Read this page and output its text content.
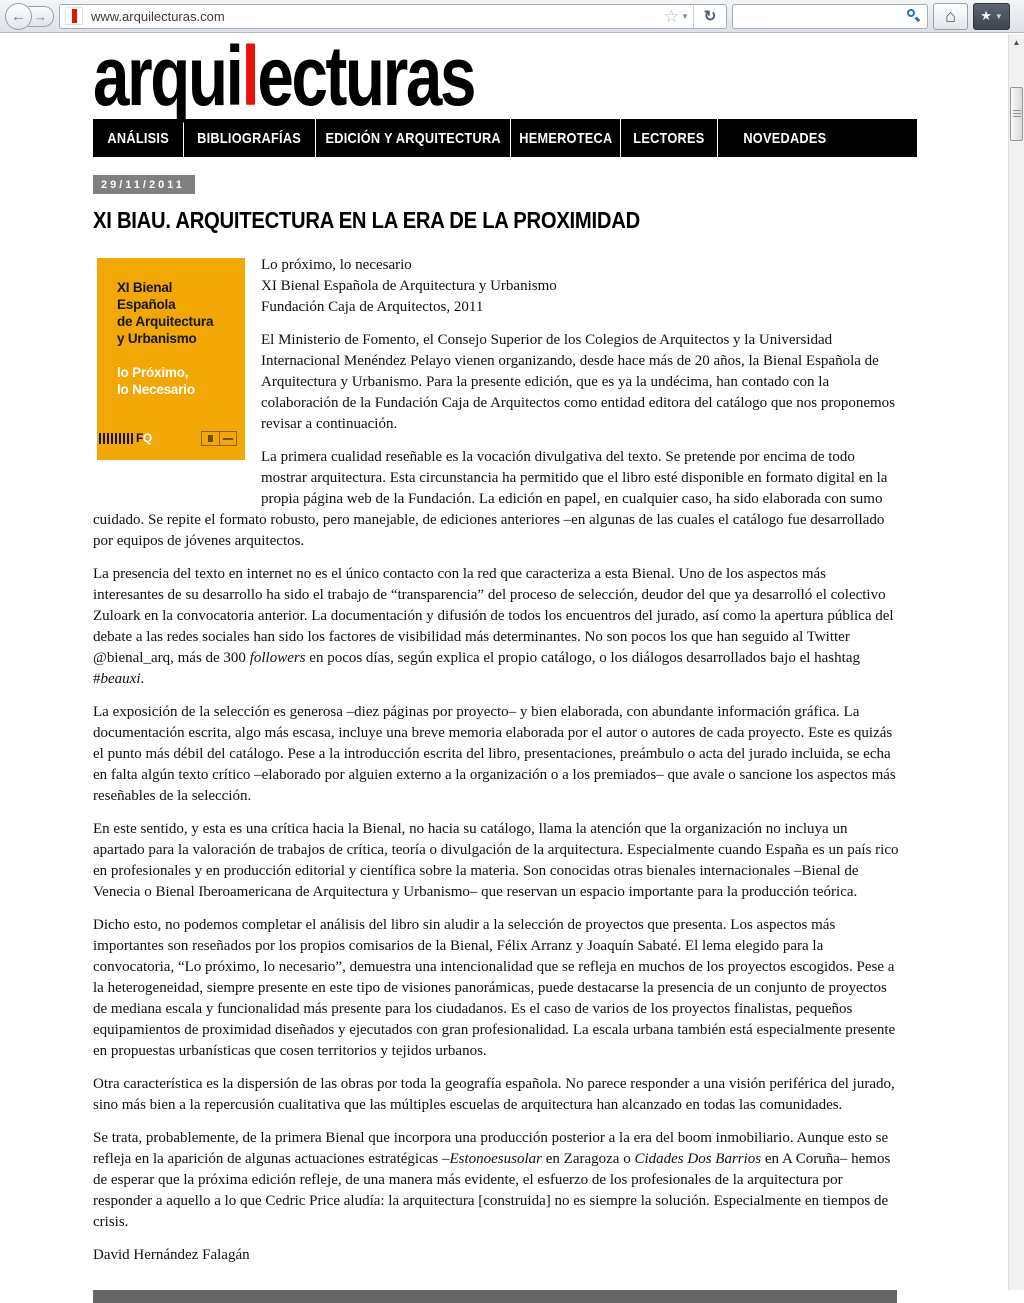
← →	www.arquilecturas.com	☆ ▼ ↻	⌂ ★ ▼
▲
arquilecturas
ANÁLISIS BIBLIOGRAFÍAS EDICIÓN Y ARQUITECTURA HEMEROTECA LECTORES	NOVEDADES
29/11/2011
XI BIAU. ARQUITECTURA EN LA ERA DE LA PROXIMIDAD
XI Bienal
Española
de Arquitectura
y Urbanismo
lo Próximo,
lo Necesario
FQ

Lo próximo, lo necesario
XI Bienal Española de Arquitectura y Urbanismo
Fundación Caja de Arquitectos, 2011

El Ministerio de Fomento, el Consejo Superior de los Colegios de Arquitectos y la Universidad Internacional Menéndez Pelayo vienen organizando, desde hace más de 20 años, la Bienal Española de Arquitectura y Urbanismo. Para la presente edición, que es ya la undécima, han contado con la colaboración de la Fundación Caja de Arquitectos como entidad editora del catálogo que nos proponemos revisar a continuación.

La primera cualidad reseñable es la vocación divulgativa del texto. Se pretende por encima de todo mostrar arquitectura. Esta circunstancia ha permitido que el libro esté disponible en formato digital en la propia página web de la Fundación. La edición en papel, en cualquier caso, ha sido elaborada con sumo cuidado. Se repite el formato robusto, pero manejable, de ediciones anteriores –en algunas de las cuales el catálogo fue desarrollado por equipos de jóvenes arquitectos.

La presencia del texto en internet no es el único contacto con la red que caracteriza a esta Bienal. Uno de los aspectos más interesantes de su desarrollo ha sido el trabajo de “transparencia” del proceso de selección, deudor del que ya desarrolló el colectivo Zuloark en la convocatoria anterior. La documentación y difusión de todos los encuentros del jurado, así como la apertura pública del debate a las redes sociales han sido los factores de visibilidad más determinantes. No son pocos los que han seguido al Twitter @bienal_arq, más de 300 followers en pocos días, según explica el propio catálogo, o los diálogos desarrollados bajo el hashtag #beauxi.

La exposición de la selección es generosa –diez páginas por proyecto– y bien elaborada, con abundante información gráfica. La documentación escrita, algo más escasa, incluye una breve memoria elaborada por el autor o autores de cada proyecto. Este es quizás el punto más débil del catálogo. Pese a la introducción escrita del libro, presentaciones, preámbulo o acta del jurado incluida, se echa en falta algún texto crítico –elaborado por alguien externo a la organización o a los premiados– que avale o sancione los aspectos más reseñables de la selección.

En este sentido, y esta es una crítica hacia la Bienal, no hacia su catálogo, llama la atención que la organización no incluya un apartado para la valoración de trabajos de crítica, teoría o divulgación de la arquitectura. Especialmente cuando España es un país rico en profesionales y en producción editorial y científica sobre la materia. Son conocidas otras bienales internacionales –Bienal de Venecia o Bienal Iberoamericana de Arquitectura y Urbanismo– que reservan un espacio importante para la producción teórica.

Dicho esto, no podemos completar el análisis del libro sin aludir a la selección de proyectos que presenta. Los aspectos más importantes son reseñados por los propios comisarios de la Bienal, Félix Arranz y Joaquín Sabaté. El lema elegido para la convocatoria, “Lo próximo, lo necesario”, demuestra una intencionalidad que se refleja en muchos de los proyectos escogidos. Pese a la heterogeneidad, siempre presente en este tipo de visiones panorámicas, puede destacarse la presencia de un conjunto de proyectos de mediana escala y funcionalidad más presente para los ciudadanos. Es el caso de varios de los proyectos finalistas, pequeños equipamientos de proximidad diseñados y ejecutados con gran profesionalidad. La escala urbana también está especialmente presente en propuestas urbanísticas que cosen territorios y tejidos urbanos.

Otra característica es la dispersión de las obras por toda la geografía española. No parece responder a una visión periférica del jurado, sino más bien a la repercusión cualitativa que las múltiples escuelas de arquitectura han alcanzado en todas las comunidades.

Se trata, probablemente, de la primera Bienal que incorpora una producción posterior a la era del boom inmobiliario. Aunque esto se refleja en la aparición de algunas actuaciones estratégicas –Estonoesusolar en Zaragoza o Cidades Dos Barrios en A Coruña– hemos de esperar que la próxima edición refleje, de una manera más evidente, el esfuerzo de los profesionales de la arquitectura por responder a aquello a lo que Cedric Price aludía: la arquitectura [construida] no es siempre la solución. Especialmente en tiempos de crisis.

David Hernández Falagán
